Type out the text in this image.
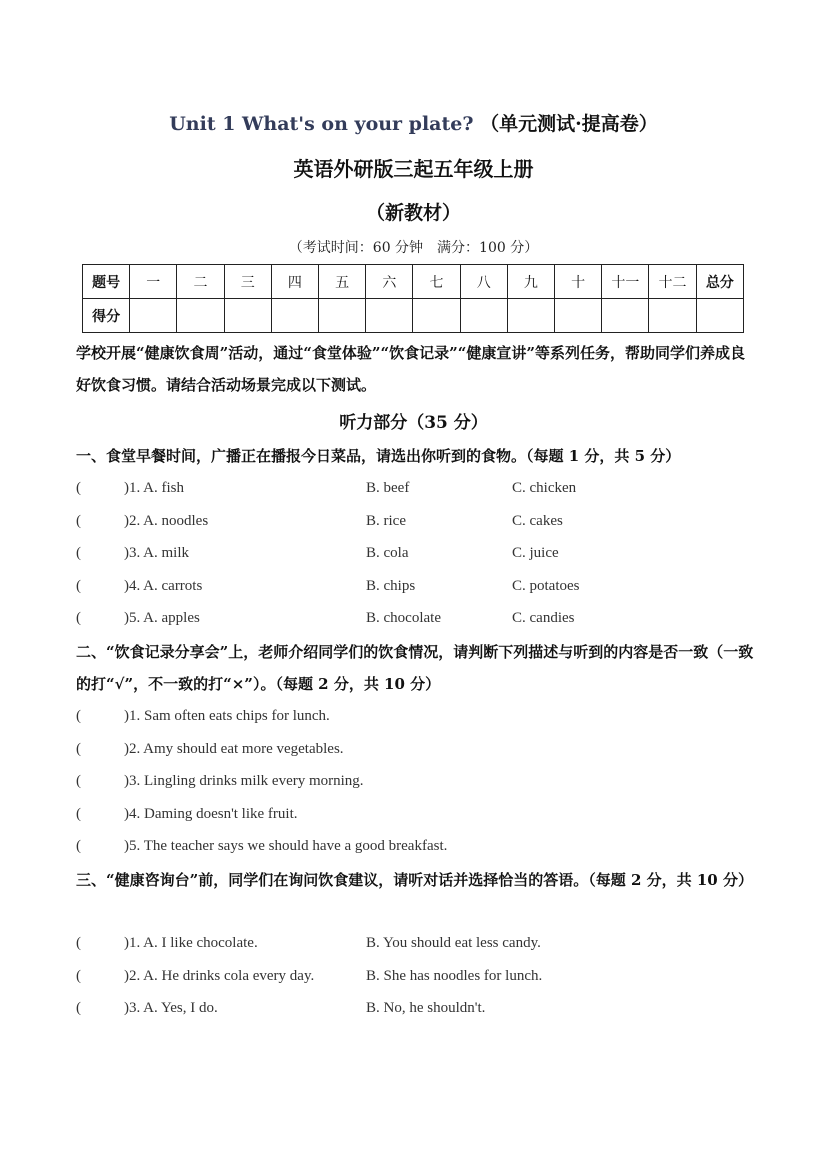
Unit 1 What's on your plate? （单元测试·提高卷）
英语外研版三起五年级上册
（新教材）
（考试时间：60 分钟　满分：100 分）
题号	一	二	三	四	五	六	七	八	九	十	十一	十二	总分
得分													
学校开展“健康饮食周”活动，通过“食堂体验”“饮食记录”“健康宣讲”等系列任务，帮助同学们养成良好饮食习惯。请结合活动场景完成以下测试。
听力部分（35 分）
一、食堂早餐时间，广播正在播报今日菜品，请选出你听到的食物。（每题 1 分，共 5 分）
(	)1. A. fish	B. beef	C. chicken
(	)2. A. noodles	B. rice	C. cakes
(	)3. A. milk	B. cola	C. juice
(	)4. A. carrots	B. chips	C. potatoes
(	)5. A. apples	B. chocolate	C. candies
二、“饮食记录分享会”上，老师介绍同学们的饮食情况，请判断下列描述与听到的内容是否一致（一致的打“√”，不一致的打“×”）。（每题 2 分，共 10 分）
(	)1. Sam often eats chips for lunch.
(	)2. Amy should eat more vegetables.
(	)3. Lingling drinks milk every morning.
(	)4. Daming doesn't like fruit.
(	)5. The teacher says we should have a good breakfast.
三、“健康咨询台”前，同学们在询问饮食建议，请听对话并选择恰当的答语。（每题 2 分，共 10 分）
(	)1. A. I like chocolate.	B. You should eat less candy.
(	)2. A. He drinks cola every day.	B. She has noodles for lunch.
(	)3. A. Yes, I do.	B. No, he shouldn't.
